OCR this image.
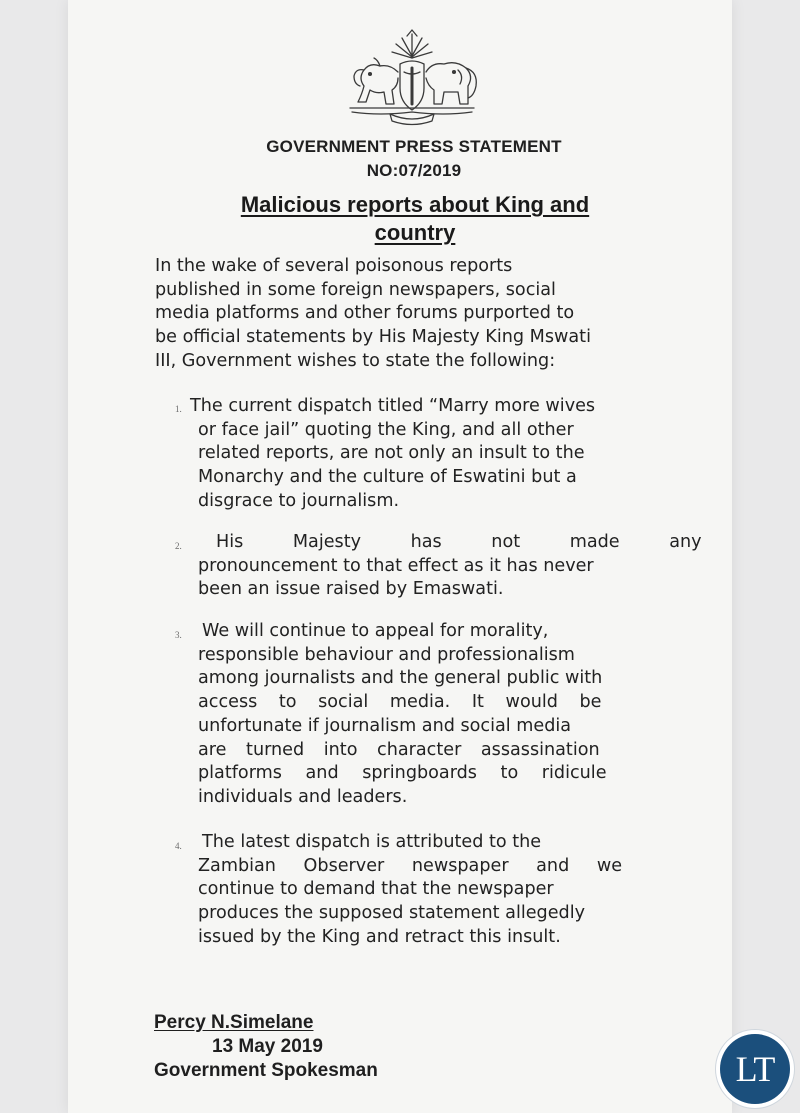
GOVERNMENT PRESS STATEMENT
NO:07/2019
Malicious reports about King and
country
In the wake of several poisonous reports
published in some foreign newspapers, social
media platforms and other forums purported to
be official statements by His Majesty King Mswati
III, Government wishes to state the following:
1. The current dispatch titled “Marry more wives
or face jail” quoting the King, and all other
related reports, are not only an insult to the
Monarchy and the culture of Eswatini but a
disgrace to journalism.
2.	His Majesty has not made any
pronouncement to that effect as it has never
been an issue raised by Emaswati.
3. We will continue to appeal for morality,
responsible behaviour and professionalism
among journalists and the general public with
access to social media. It would be
unfortunate if journalism and social media
are turned into character assassination
platforms and springboards to ridicule
individuals and leaders.
4. The latest dispatch is attributed to the
Zambian Observer newspaper and we
continue to demand that the newspaper
produces the supposed statement allegedly
issued by the King and retract this insult.
Percy N.Simelane
13 May 2019
Government Spokesman	LT
